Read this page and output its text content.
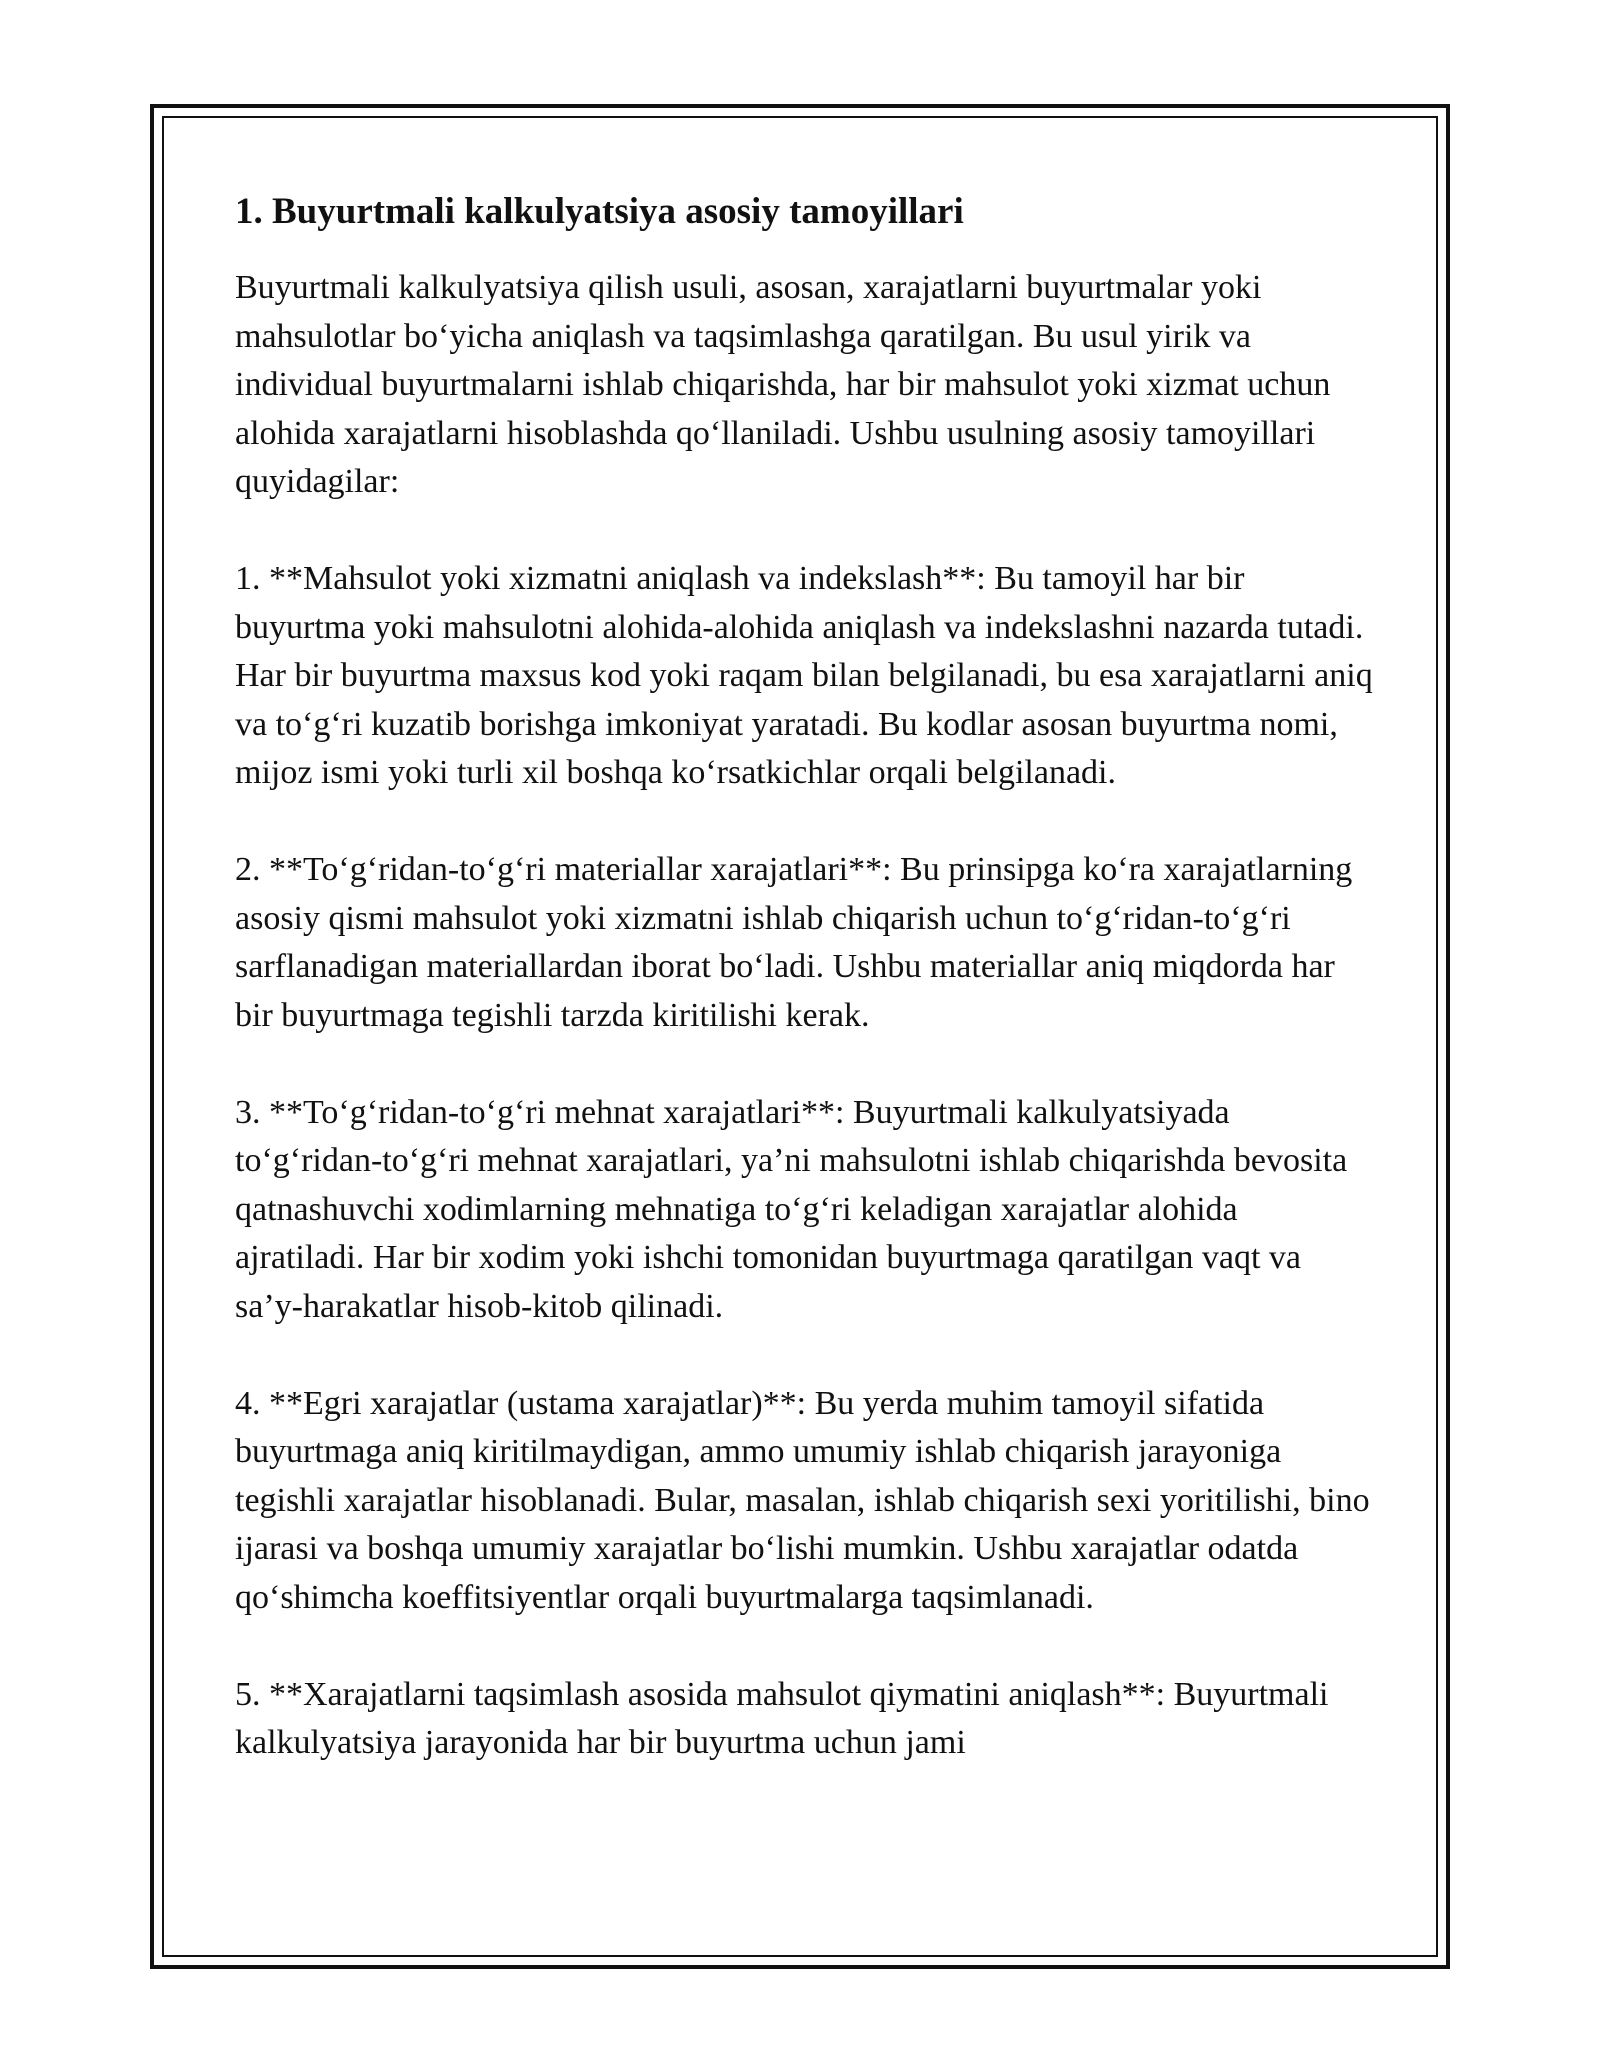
1. Buyurtmali kalkulyatsiya asosiy tamoyillari

Buyurtmali kalkulyatsiya qilish usuli, asosan, xarajatlarni buyurtmalar yoki mahsulotlar bo‘yicha aniqlash va taqsimlashga qaratilgan. Bu usul yirik va individual buyurtmalarni ishlab chiqarishda, har bir mahsulot yoki xizmat uchun alohida xarajatlarni hisoblashda qo‘llaniladi. Ushbu usulning asosiy tamoyillari quyidagilar:

1. **Mahsulot yoki xizmatni aniqlash va indekslash**: Bu tamoyil har bir buyurtma yoki mahsulotni alohida-alohida aniqlash va indekslashni nazarda tutadi. Har bir buyurtma maxsus kod yoki raqam bilan belgilanadi, bu esa xarajatlarni aniq va to‘g‘ri kuzatib borishga imkoniyat yaratadi. Bu kodlar asosan buyurtma nomi, mijoz ismi yoki turli xil boshqa ko‘rsatkichlar orqali belgilanadi.

2. **To‘g‘ridan-to‘g‘ri materiallar xarajatlari**: Bu prinsipga ko‘ra xarajatlarning asosiy qismi mahsulot yoki xizmatni ishlab chiqarish uchun to‘g‘ridan-to‘g‘ri sarflanadigan materiallardan iborat bo‘ladi. Ushbu materiallar aniq miqdorda har bir buyurtmaga tegishli tarzda kiritilishi kerak.

3. **To‘g‘ridan-to‘g‘ri mehnat xarajatlari**: Buyurtmali kalkulyatsiyada to‘g‘ridan-to‘g‘ri mehnat xarajatlari, ya’ni mahsulotni ishlab chiqarishda bevosita qatnashuvchi xodimlarning mehnatiga to‘g‘ri keladigan xarajatlar alohida ajratiladi. Har bir xodim yoki ishchi tomonidan buyurtmaga qaratilgan vaqt va sa’y-harakatlar hisob-kitob qilinadi.

4. **Egri xarajatlar (ustama xarajatlar)**: Bu yerda muhim tamoyil sifatida buyurtmaga aniq kiritilmaydigan, ammo umumiy ishlab chiqarish jarayoniga tegishli xarajatlar hisoblanadi. Bular, masalan, ishlab chiqarish sexi yoritilishi, bino ijarasi va boshqa umumiy xarajatlar bo‘lishi mumkin. Ushbu xarajatlar odatda qo‘shimcha koeffitsiyentlar orqali buyurtmalarga taqsimlanadi.

5. **Xarajatlarni taqsimlash asosida mahsulot qiymatini aniqlash**: Buyurtmali kalkulyatsiya jarayonida har bir buyurtma uchun jami
